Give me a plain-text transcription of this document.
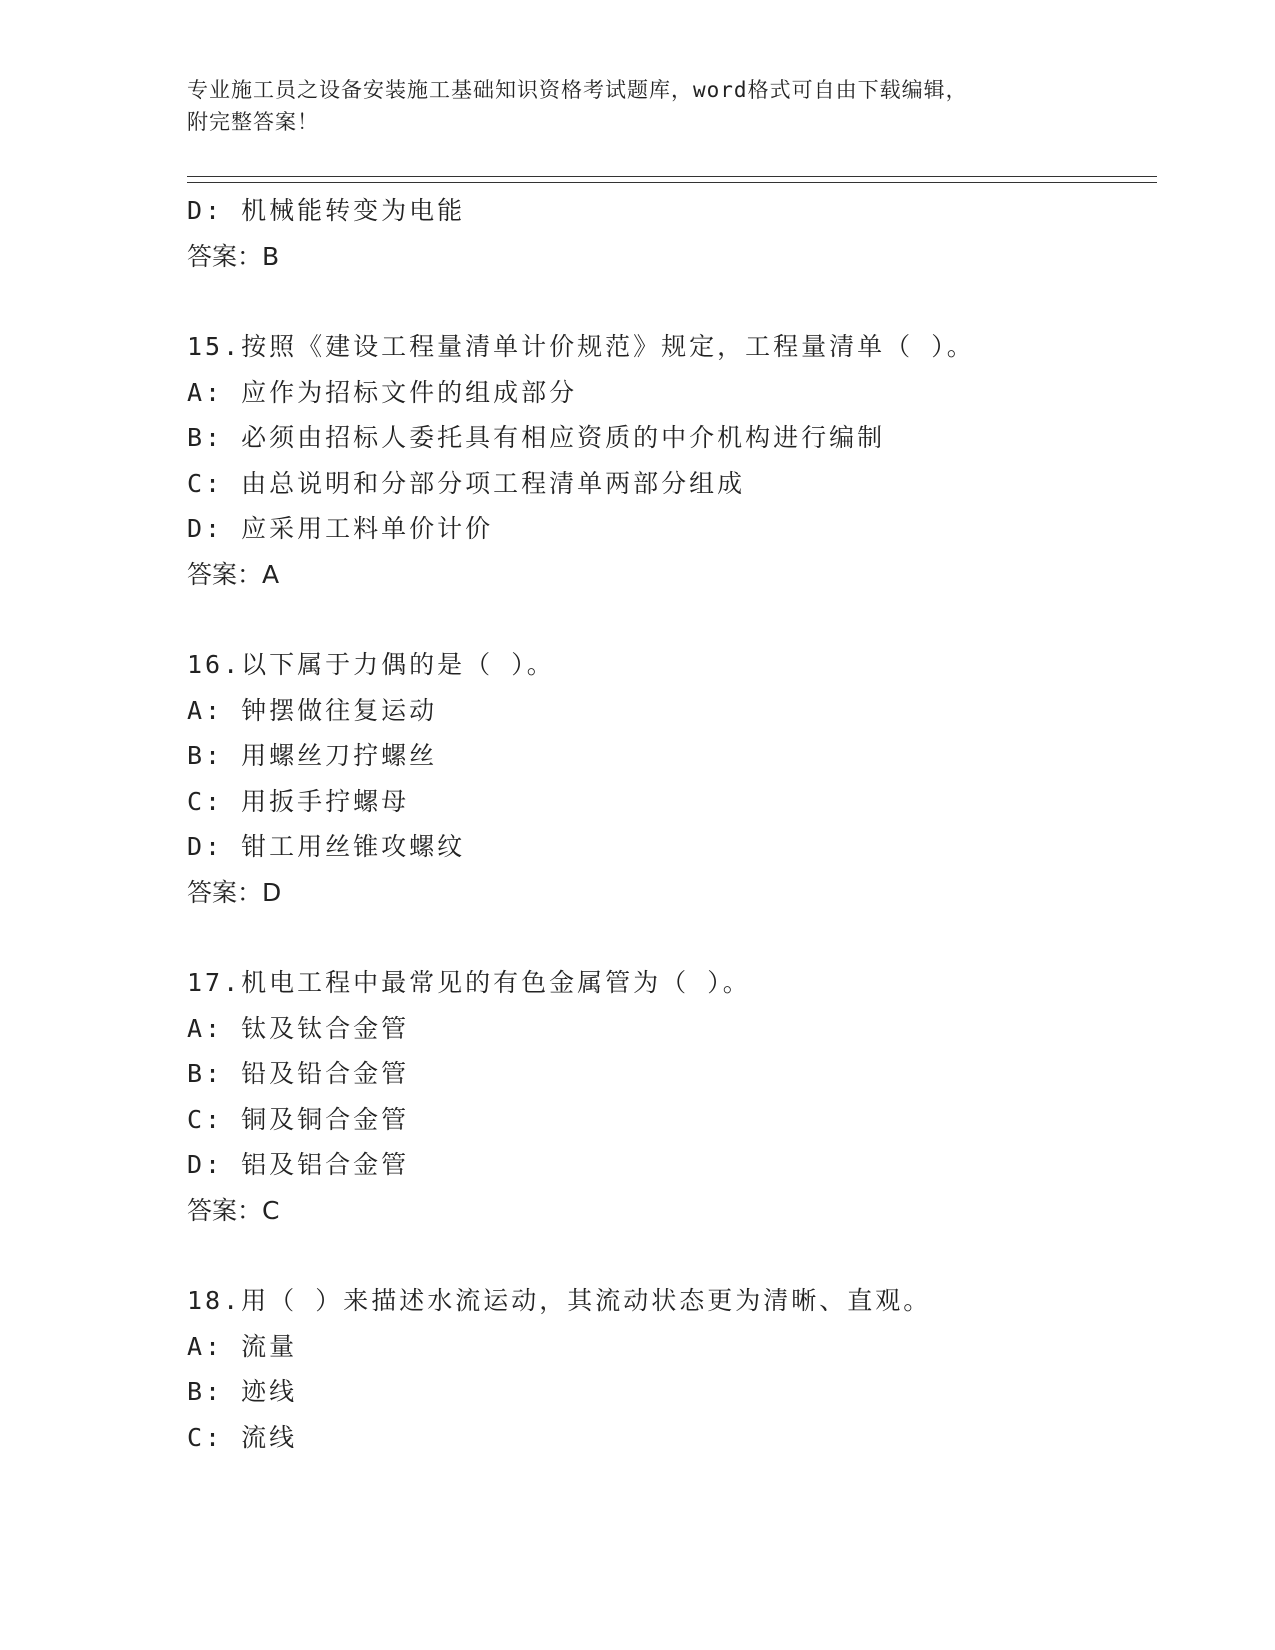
专业施工员之设备安装施工基础知识资格考试题库，word格式可自由下载编辑，
附完整答案！
D: 机械能转变为电能
答案：B
15.按照《建设工程量清单计价规范》规定，工程量清单（ ）。
A: 应作为招标文件的组成部分
B: 必须由招标人委托具有相应资质的中介机构进行编制
C: 由总说明和分部分项工程清单两部分组成
D: 应采用工料单价计价
答案：A
16.以下属于力偶的是（ ）。
A: 钟摆做往复运动
B: 用螺丝刀拧螺丝
C: 用扳手拧螺母
D: 钳工用丝锥攻螺纹
答案：D
17.机电工程中最常见的有色金属管为（ ）。
A: 钛及钛合金管
B: 铅及铅合金管
C: 铜及铜合金管
D: 铝及铝合金管
答案：C
18.用（ ）来描述水流运动，其流动状态更为清晰、直观。
A: 流量
B: 迹线
C: 流线
